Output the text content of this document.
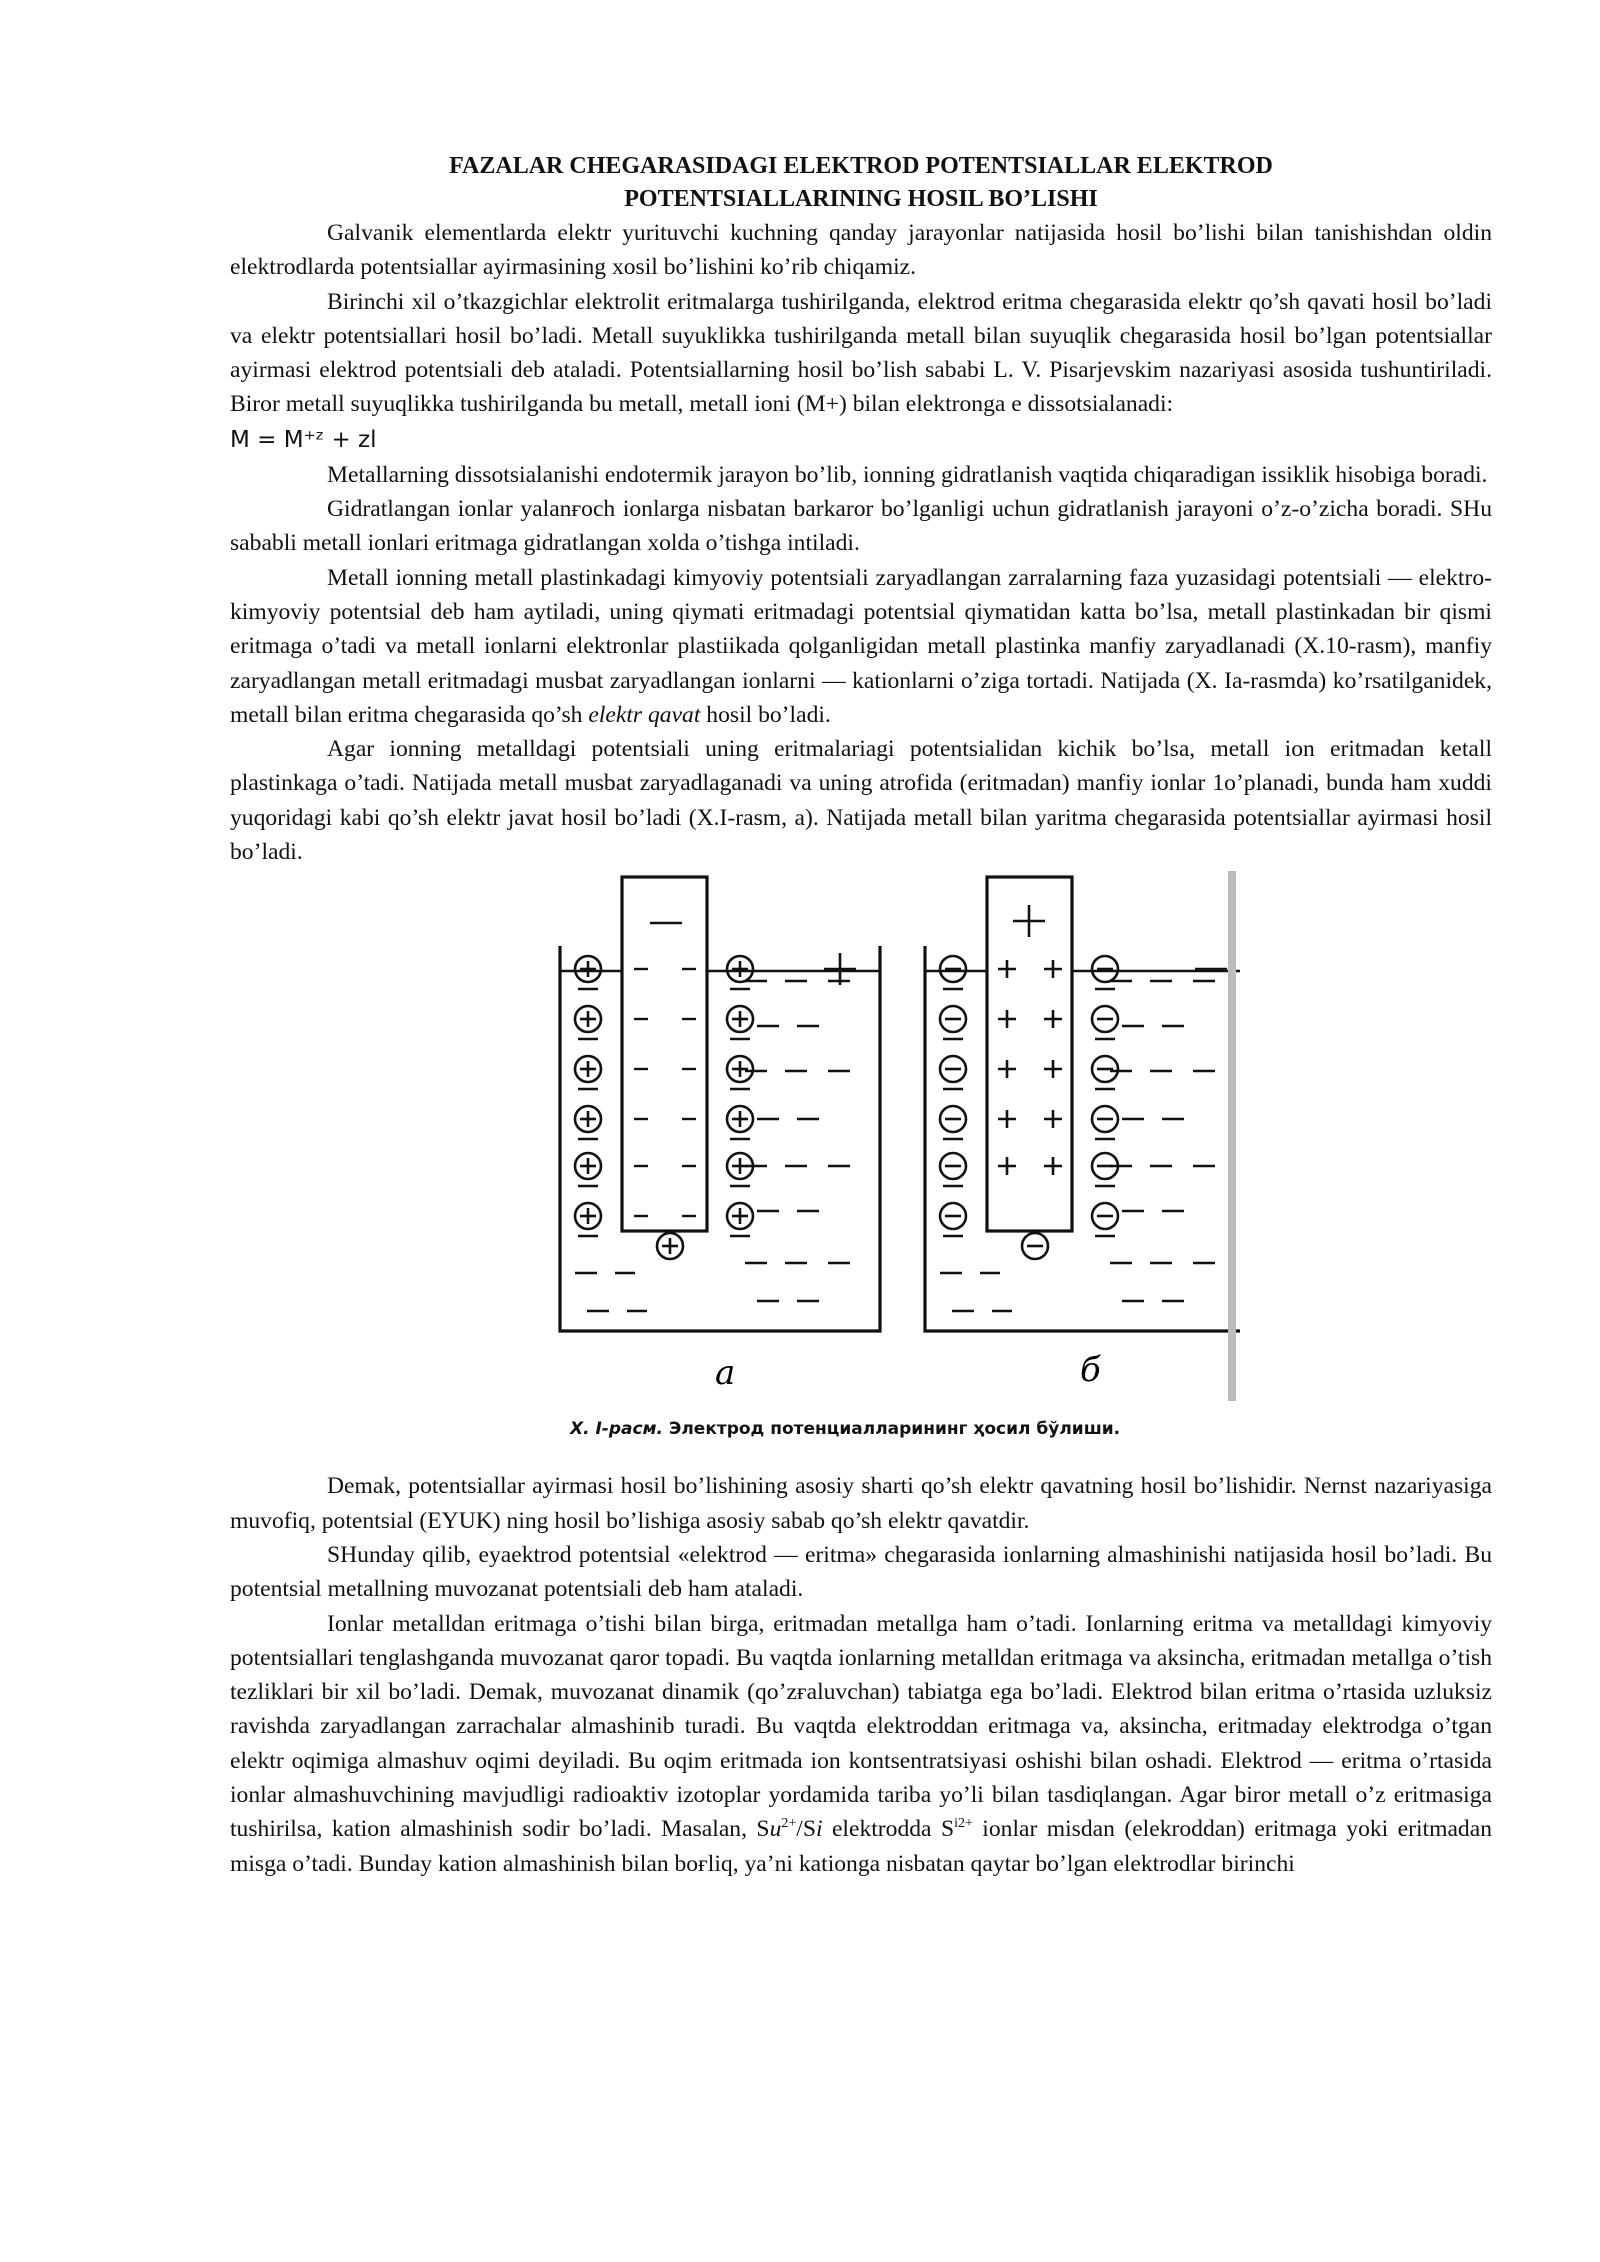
FAZALAR CHEGARASIDAGI ELEKTROD POTENTSIALLAR ELEKTROD

POTENTSIALLARINING HOSIL BO’LISHI

Galvanik elementlarda elektr yurituvchi kuchning qanday jarayonlar natijasida hosil bo’lishi bilan tanishishdan oldin elektrodlarda potentsiallar ayirmasining xosil bo’lishini ko’rib chiqamiz.

Birinchi xil o’tkazgichlar elektrolit eritmalarga tushirilganda, elektrod eritma chegarasida elektr qo’sh qavati hosil bo’ladi va elektr potentsiallari hosil bo’ladi. Metall suyuklikka tushirilganda metall bilan suyuqlik chegarasida hosil bo’lgan potentsiallar ayirmasi elektrod potentsiali deb ataladi. Potentsiallarning hosil bo’lish sababi L. V. Pisarjevskim nazariyasi asosida tushuntiriladi. Biror metall suyuqlikka tushirilganda bu metall, metall ioni (M+) bilan elektronga e dissotsialanadi:

M = M⁺ᶻ + zl

Metallarning dissotsialanishi endotermik jarayon bo’lib, ionning gidratlanish vaqtida chiqaradigan issiklik hisobiga boradi.

Gidratlangan ionlar yalanғoch ionlarga nisbatan barkaror bo’lganligi uchun gidratlanish jarayoni o’z-o’zicha boradi. SHu sababli metall ionlari eritmaga gidratlangan xolda o’tishga intiladi.

Metall ionning metall plastinkadagi kimyoviy potentsiali zaryadlangan zarralarning faza yuzasidagi potentsiali — elektro-kimyoviy potentsial deb ham aytiladi, uning qiymati eritmadagi potentsial qiymatidan katta bo’lsa, metall plastinkadan bir qismi eritmaga o’tadi va metall ionlarni elektronlar plastiikada qolganligidan metall plastinka manfiy zaryadlanadi (X.10-rasm), manfiy zaryadlangan metall eritmadagi musbat zaryadlangan ionlarni — kationlarni o’ziga tortadi. Natijada (X. Ia-rasmda) ko’rsatilganidek, metall bilan eritma chegarasida qo’sh elektr qavat hosil bo’ladi.

Agar ionning metalldagi potentsiali uning eritmalariagi potentsialidan kichik bo’lsa, metall ion eritmadan ketall plastinkaga o’tadi. Natijada metall musbat zaryadlaganadi va uning atrofida (eritmadan) manfiy ionlar 1o’planadi, bunda ham xuddi yuqoridagi kabi qo’sh elektr javat hosil bo’ladi (X.I-rasm, a). Natijada metall bilan yaritma chegarasida potentsiallar ayirmasi hosil bo’ladi.

a	б
X. I-расм. Электрод потенциалларининг ҳосил бўлиши.

Demak, potentsiallar ayirmasi hosil bo’lishining asosiy sharti qo’sh elektr qavatning hosil bo’lishidir. Nernst nazariyasiga muvofiq, potentsial (EYUK) ning hosil bo’lishiga asosiy sabab qo’sh elektr qavatdir.

SHunday qilib, eyaektrod potentsial «elektrod — eritma» chegarasida ionlarning almashinishi natijasida hosil bo’ladi. Bu potentsial metallning muvozanat potentsiali deb ham ataladi.

Ionlar metalldan eritmaga o’tishi bilan birga, eritmadan metallga ham o’tadi. Ionlarning eritma va metalldagi kimyoviy potentsiallari tenglashganda muvozanat qaror topadi. Bu vaqtda ionlarning metalldan eritmaga va aksincha, eritmadan metallga o’tish tezliklari bir xil bo’ladi. Demak, muvozanat dinamik (qo’zғaluvchan) tabiatga ega bo’ladi. Elektrod bilan eritma o’rtasida uzluksiz ravishda zaryadlangan zarrachalar almashinib turadi. Bu vaqtda elektroddan eritmaga va, aksincha, eritmaday elektrodga o’tgan elektr oqimiga almashuv oqimi deyiladi. Bu oqim eritmada ion kontsentratsiyasi oshishi bilan oshadi. Elektrod — eritma o’rtasida ionlar almashuvchining mavjudligi radioaktiv izotoplar yordamida tariba yo’li bilan tasdiqlangan. Agar biror metall o’z eritmasiga tushirilsa, kation almashinish sodir bo’ladi. Masalan, $Su^{2+}/Si$ elektrodda $S^{i2+}$ ionlar misdan (elekroddan) eritmaga yoki eritmadan misga o’tadi. Bunday kation almashinish bilan boғliq, ya’ni kationga nisbatan qaytar bo’lgan elektrodlar birinchi
